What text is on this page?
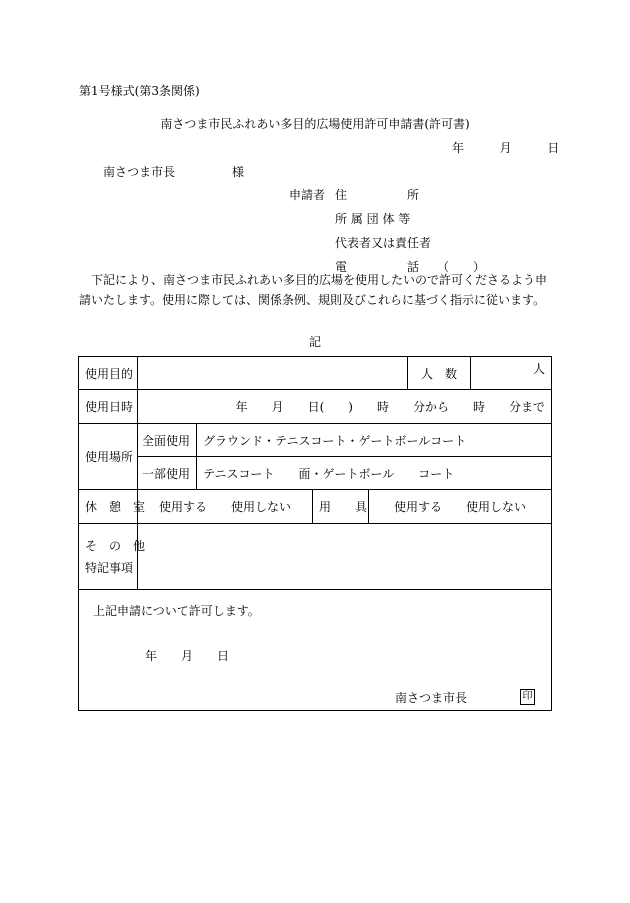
第1号様式(第3条関係)
南さつま市民ふれあい多目的広場使用許可申請書(許可書)
年	月	日
南さつま市長	様
申請者 住　　　　　所
所 属 団 体 等
代表者又は責任者
電　　　　　話　　（　　）
下記により、南さつま市民ふれあい多目的広場を使用したいので許可くださるよう申請いたします。使用に際しては、関係条例、規則及びこれらに基づく指示に従います。
記
使用目的					人　数	人
使用日時	年　　月　　日(　　)　　時　　分から　　時　　分まで					
使用場所	全面使用	グラウンド・テニスコート・ゲートボールコート				
	一部使用	テニスコート　　面・ゲートボール　　コート				
休　憩　室	使用する　　使用しない		用　　具	使用する　　使用しない		

そ　の　他
特記事項						

上記申請について許可します。
年　　月　　日
南さつま市長 印						
